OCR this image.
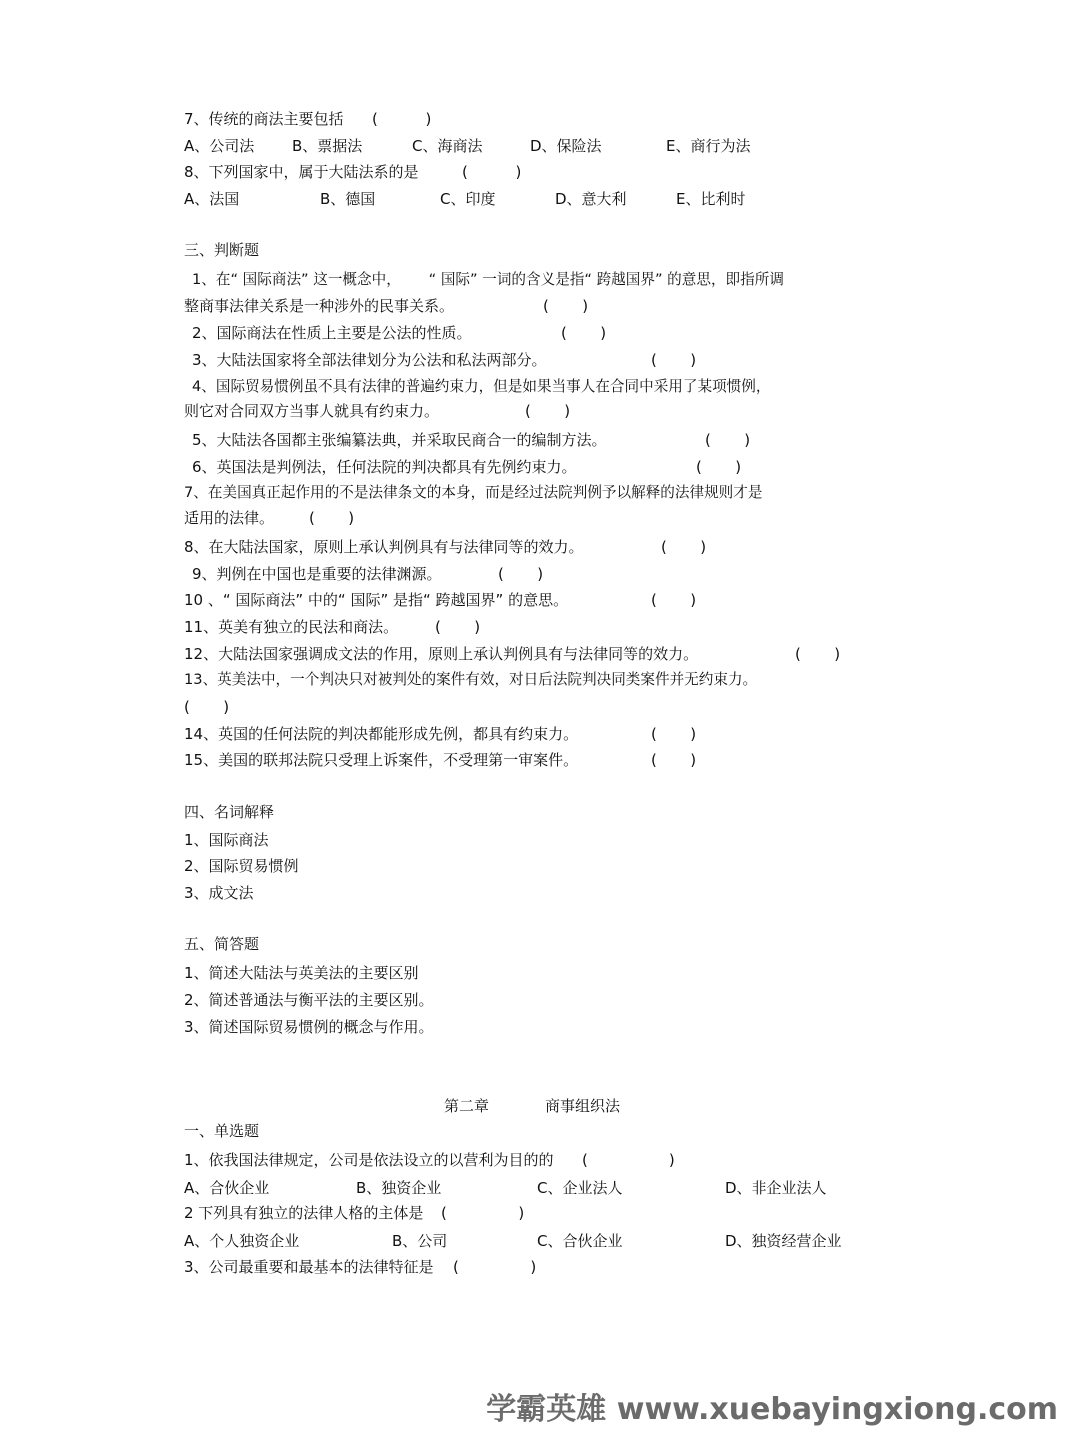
7、传统的商法主要包括 (          )
A、公司法	B、票据法	C、海商法	D、保险法	E、商行为法
8、下列国家中，属于大陆法系的是	(          )
A、法国	B、德国	C、印度	D、意大利	E、比利时
三、判断题
1、在“ 国际商法” 这一概念中，      “ 国际” 一词的含义是指“ 跨越国界” 的意思，即指所调
整商事法律关系是一种涉外的民事关系。	(       )
2、国际商法在性质上主要是公法的性质。	(       )
3、大陆法国家将全部法律划分为公法和私法两部分。	(       )
4、国际贸易惯例虽不具有法律的普遍约束力，但是如果当事人在合同中采用了某项惯例，
则它对合同双方当事人就具有约束力。	(       )
5、大陆法各国都主张编纂法典，并采取民商合一的编制方法。	(       )
6、英国法是判例法，任何法院的判决都具有先例约束力。	(       )
7、在美国真正起作用的不是法律条文的本身，而是经过法院判例予以解释的法律规则才是
适用的法律。 (       )
8、在大陆法国家，原则上承认判例具有与法律同等的效力。	(       )
9、判例在中国也是重要的法律渊源。	(       )
10 、“ 国际商法” 中的“ 国际” 是指“ 跨越国界” 的意思。	(       )
11、英美有独立的民法和商法。 (       )
12、大陆法国家强调成文法的作用，原则上承认判例具有与法律同等的效力。	(       )
13、英美法中，一个判决只对被判处的案件有效，对日后法院判决同类案件并无约束力。
(       )
14、英国的任何法院的判决都能形成先例，都具有约束力。	(       )
15、美国的联邦法院只受理上诉案件，不受理第一审案件。	(       )
四、名词解释
1、国际商法
2、国际贸易惯例
3、成文法
五、简答题
1、简述大陆法与英美法的主要区别
2、简述普通法与衡平法的主要区别。
3、简述国际贸易惯例的概念与作用。
第二章	商事组织法
一、单选题
1、依我国法律规定，公司是依法设立的以营利为目的的 (                 )
A、合伙企业	B、独资企业	C、企业法人	D、非企业法人
2 下列具有独立的法律人格的主体是 (               )
A、个人独资企业	B、公司	C、合伙企业	D、独资经营企业
3、公司最重要和最基本的法律特征是 (               )
学霸英雄 www.xuebayingxiong.com
